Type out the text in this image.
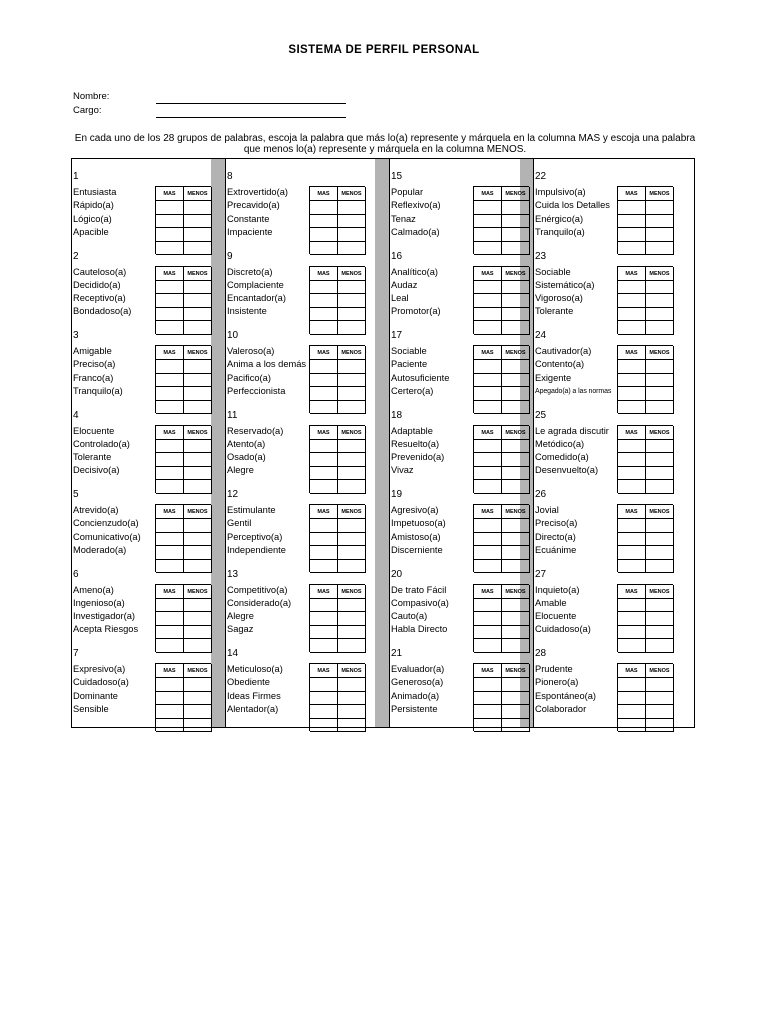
SISTEMA DE PERFIL PERSONAL
Nombre:
Cargo:
En cada uno de los 28 grupos de palabras, escoja la palabra que más lo(a) represente y márquela en la columna MAS y escoja una palabra que menos lo(a) represente y márquela en la columna MENOS.
1
Entusiasta
Rápido(a)
Lógico(a)
Apacible
MAS	MENOS
2
Cauteloso(a)
Decidido(a)
Receptivo(a)
Bondadoso(a)
MAS	MENOS
3
Amigable
Preciso(a)
Franco(a)
Tranquilo(a)
MAS	MENOS
4
Elocuente
Controlado(a)
Tolerante
Decisivo(a)
MAS	MENOS
5
Atrevido(a)
Concienzudo(a)
Comunicativo(a)
Moderado(a)
MAS	MENOS
6
Ameno(a)
Ingenioso(a)
Investigador(a)
Acepta Riesgos
MAS	MENOS
7
Expresivo(a)
Cuidadoso(a)
Dominante
Sensible
MAS	MENOS
8
Extrovertido(a)
Precavido(a)
Constante
Impaciente
MAS	MENOS
9
Discreto(a)
Complaciente
Encantador(a)
Insistente
MAS	MENOS
10
Valeroso(a)
Anima a los demás
Pacifico(a)
Perfeccionista
MAS	MENOS
11
Reservado(a)
Atento(a)
Osado(a)
Alegre
MAS	MENOS
12
Estimulante
Gentil
Perceptivo(a)
Independiente
MAS	MENOS
13
Competitivo(a)
Considerado(a)
Alegre
Sagaz
MAS	MENOS
14
Meticuloso(a)
Obediente
Ideas Firmes
Alentador(a)
MAS	MENOS
15
Popular
Reflexivo(a)
Tenaz
Calmado(a)
MAS	MENOS
16
Analítico(a)
Audaz
Leal
Promotor(a)
MAS	MENOS
17
Sociable
Paciente
Autosuficiente
Certero(a)
MAS	MENOS
18
Adaptable
Resuelto(a)
Prevenido(a)
Vivaz
MAS	MENOS
19
Agresivo(a)
Impetuoso(a)
Amistoso(a)
Discerniente
MAS	MENOS
20
De trato Fácil
Compasivo(a)
Cauto(a)
Habla Directo
MAS	MENOS
21
Evaluador(a)
Generoso(a)
Animado(a)
Persistente
MAS	MENOS
22
Impulsivo(a)
Cuida los Detalles
Enérgico(a)
Tranquilo(a)
MAS	MENOS
23
Sociable
Sistemático(a)
Vigoroso(a)
Tolerante
MAS	MENOS
24
Cautivador(a)
Contento(a)
Exigente
Apegado(a) a las normas
MAS	MENOS
25
Le agrada discutir
Metódico(a)
Comedido(a)
Desenvuelto(a)
MAS	MENOS
26
Jovial
Preciso(a)
Directo(a)
Ecuánime
MAS	MENOS
27
Inquieto(a)
Amable
Elocuente
Cuidadoso(a)
MAS	MENOS
28
Prudente
Pionero(a)
Espontáneo(a)
Colaborador
MAS	MENOS
